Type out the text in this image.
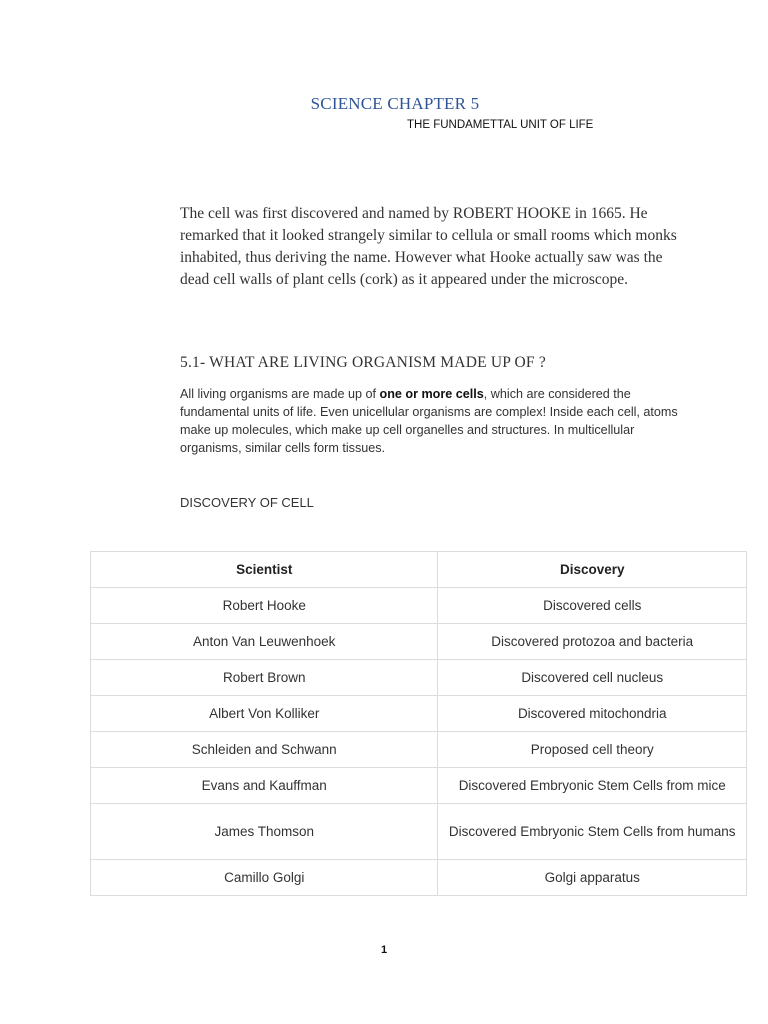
SCIENCE CHAPTER 5

THE FUNDAMETTAL UNIT OF LIFE

The cell was first discovered and named by ROBERT HOOKE in 1665. He remarked that it looked strangely similar to cellula or small rooms which monks inhabited, thus deriving the name. However what Hooke actually saw was the dead cell walls of plant cells (cork) as it appeared under the microscope.

5.1- WHAT ARE LIVING ORGANISM MADE UP OF ?

All living organisms are made up of one or more cells, which are considered the fundamental units of life. Even unicellular organisms are complex! Inside each cell, atoms make up molecules, which make up cell organelles and structures. In multicellular organisms, similar cells form tissues.

DISCOVERY OF CELL

Scientist	Discovery
Robert Hooke	Discovered cells
Anton Van Leuwenhoek	Discovered protozoa and bacteria
Robert Brown	Discovered cell nucleus
Albert Von Kolliker	Discovered mitochondria
Schleiden and Schwann	Proposed cell theory
Evans and Kauffman	Discovered Embryonic Stem Cells from mice
James Thomson	Discovered Embryonic Stem Cells from humans
Camillo Golgi	Golgi apparatus

1
